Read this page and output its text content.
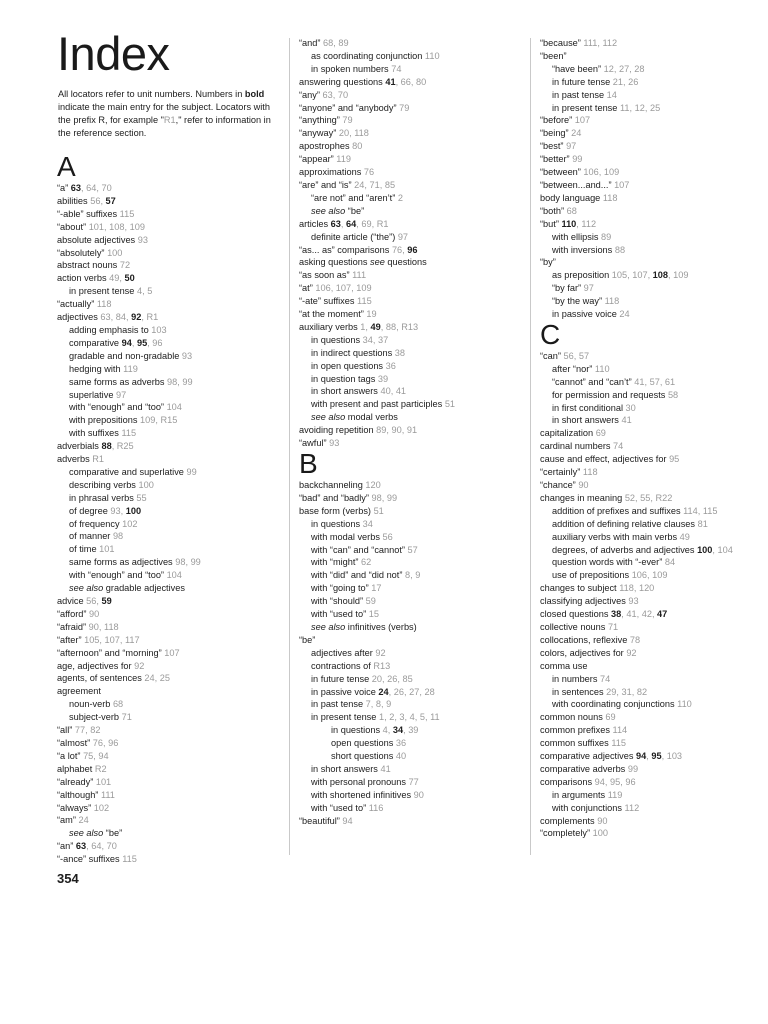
Index
All locators refer to unit numbers. Numbers in bold indicate the main entry for the subject. Locators with the prefix R, for example "R1," refer to information in the reference section.
A
“a” 63, 64, 70
abilities 56, 57
“-able” suffixes 115
“about” 101, 108, 109
absolute adjectives 93
“absolutely” 100
abstract nouns 72
action verbs 49, 50
in present tense 4, 5
“actually” 118
adjectives 63, 84, 92, R1
adding emphasis to 103
comparative 94, 95, 96
gradable and non-gradable 93
hedging with 119
same forms as adverbs 98, 99
superlative 97
with “enough” and “too” 104
with prepositions 109, R15
with suffixes 115
adverbials 88, R25
adverbs R1
comparative and superlative 99
describing verbs 100
in phrasal verbs 55
of degree 93, 100
of frequency 102
of manner 98
of time 101
same forms as adjectives 98, 99
with “enough” and “too” 104
see also gradable adjectives
advice 56, 59
“afford” 90
“afraid” 90, 118
“after” 105, 107, 117
“afternoon” and “morning” 107
age, adjectives for 92
agents, of sentences 24, 25
agreement
noun-verb 68
subject-verb 71
“all” 77, 82
“almost” 76, 96
“a lot” 75, 94
alphabet R2
“already” 101
“although” 111
“always” 102
“am” 24
see also “be”
“an” 63, 64, 70
“-ance” suffixes 115
“and” 68, 89
as coordinating conjunction 110
in spoken numbers 74
answering questions 41, 66, 80
“any” 63, 70
“anyone” and “anybody” 79
“anything” 79
“anyway” 20, 118
apostrophes 80
“appear” 119
approximations 76
“are” and “is” 24, 71, 85
“are not” and “aren’t” 2
see also “be”
articles 63, 64, 69, R1
definite article (“the”) 97
“as... as” comparisons 76, 96
asking questions see questions
“as soon as” 111
“at” 106, 107, 109
“-ate” suffixes 115
“at the moment” 19
auxiliary verbs 1, 49, 88, R13
in questions 34, 37
in indirect questions 38
in open questions 36
in question tags 39
in short answers 40, 41
with present and past participles 51
see also modal verbs
avoiding repetition 89, 90, 91
“awful” 93
B
backchanneling 120
“bad” and “badly” 98, 99
base form (verbs) 51
in questions 34
with modal verbs 56
with “can” and “cannot” 57
with “might” 62
with “did” and “did not” 8, 9
with “going to” 17
with “should” 59
with “used to” 15
see also infinitives (verbs)
“be”
adjectives after 92
contractions of R13
in future tense 20, 26, 85
in passive voice 24, 26, 27, 28
in past tense 7, 8, 9
in present tense 1, 2, 3, 4, 5, 11
in questions 4, 34, 39
open questions 36
short questions 40
in short answers 41
with personal pronouns 77
with shortened infinitives 90
with “used to” 116
“beautiful” 94
“because” 111, 112
“been”
“have been” 12, 27, 28
in future tense 21, 26
in past tense 14
in present tense 11, 12, 25
“before” 107
“being” 24
“best” 97
“better” 99
“between” 106, 109
“between...and...” 107
body language 118
“both” 68
“but” 110, 112
with ellipsis 89
with inversions 88
“by”
as preposition 105, 107, 108, 109
“by far” 97
“by the way” 118
in passive voice 24
C
“can” 56, 57
after “nor” 110
“cannot” and “can’t” 41, 57, 61
for permission and requests 58
in first conditional 30
in short answers 41
capitalization 69
cardinal numbers 74
cause and effect, adjectives for 95
“certainly” 118
“chance” 90
changes in meaning 52, 55, R22
addition of prefixes and suffixes 114, 115
addition of defining relative clauses 81
auxiliary verbs with main verbs 49
degrees, of adverbs and adjectives 100, 104
question words with “-ever” 84
use of prepositions 106, 109
changes to subject 118, 120
classifying adjectives 93
closed questions 38, 41, 42, 47
collective nouns 71
collocations, reflexive 78
colors, adjectives for 92
comma use
in numbers 74
in sentences 29, 31, 82
with coordinating conjunctions 110
common nouns 69
common prefixes 114
common suffixes 115
comparative adjectives 94, 95, 103
comparative adverbs 99
comparisons 94, 95, 96
in arguments 119
with conjunctions 112
complements 90
“completely” 100
354
